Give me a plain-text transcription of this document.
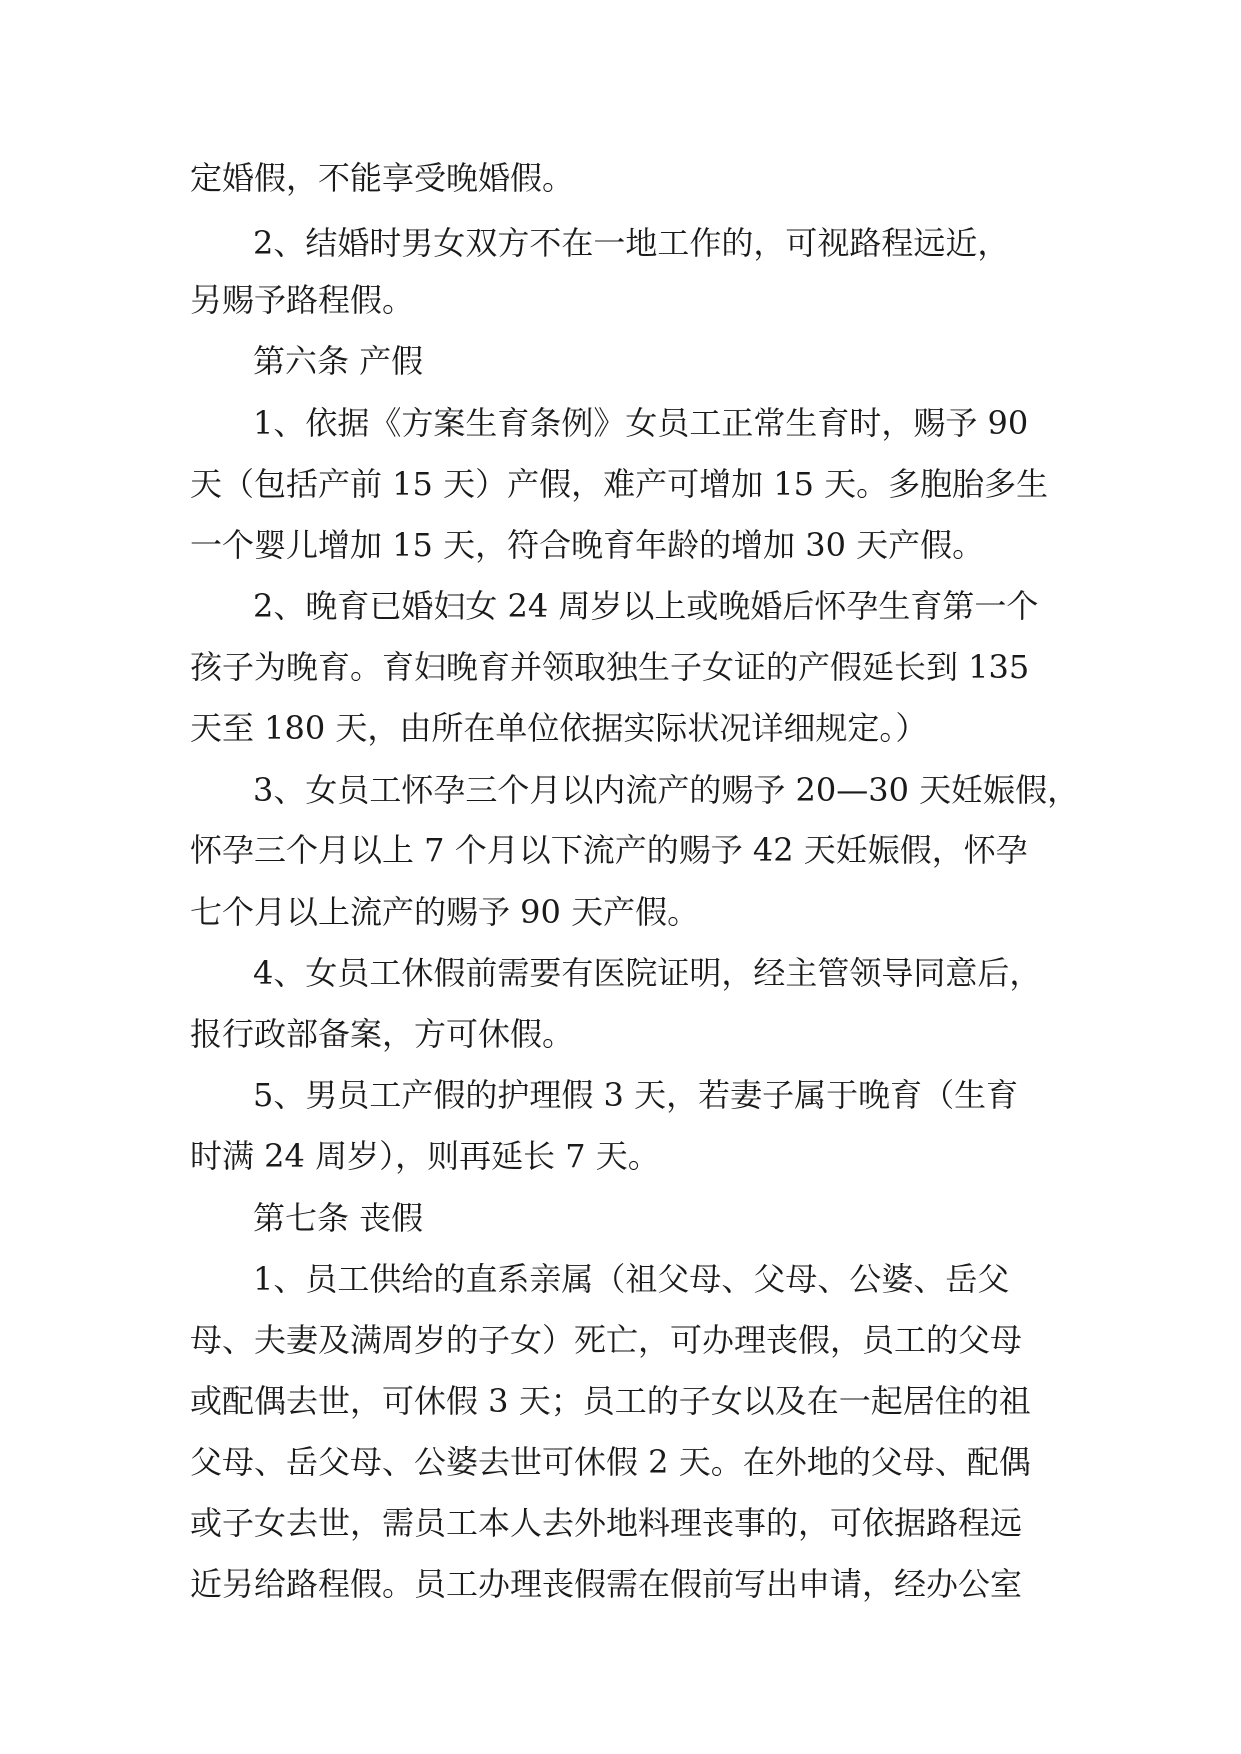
定婚假，不能享受晚婚假。
2、结婚时男女双方不在一地工作的，可视路程远近，
另赐予路程假。
第六条 产假
1、依据《方案生育条例》女员工正常生育时，赐予 90
天（包括产前 15 天）产假，难产可增加 15 天。多胞胎多生
一个婴儿增加 15 天，符合晚育年龄的增加 30 天产假。
2、晚育已婚妇女 24 周岁以上或晚婚后怀孕生育第一个
孩子为晚育。育妇晚育并领取独生子女证的产假延长到 135
天至 180 天，由所在单位依据实际状况详细规定。）
3、女员工怀孕三个月以内流产的赐予 20—30 天妊娠假，
怀孕三个月以上 7 个月以下流产的赐予 42 天妊娠假，怀孕
七个月以上流产的赐予 90 天产假。
4、女员工休假前需要有医院证明，经主管领导同意后，
报行政部备案，方可休假。
5、男员工产假的护理假 3 天，若妻子属于晚育（生育
时满 24 周岁），则再延长 7 天。
第七条 丧假
1、员工供给的直系亲属（祖父母、父母、公婆、岳父
母、夫妻及满周岁的子女）死亡，可办理丧假，员工的父母
或配偶去世，可休假 3 天；员工的子女以及在一起居住的祖
父母、岳父母、公婆去世可休假 2 天。在外地的父母、配偶
或子女去世，需员工本人去外地料理丧事的，可依据路程远
近另给路程假。员工办理丧假需在假前写出申请，经办公室
